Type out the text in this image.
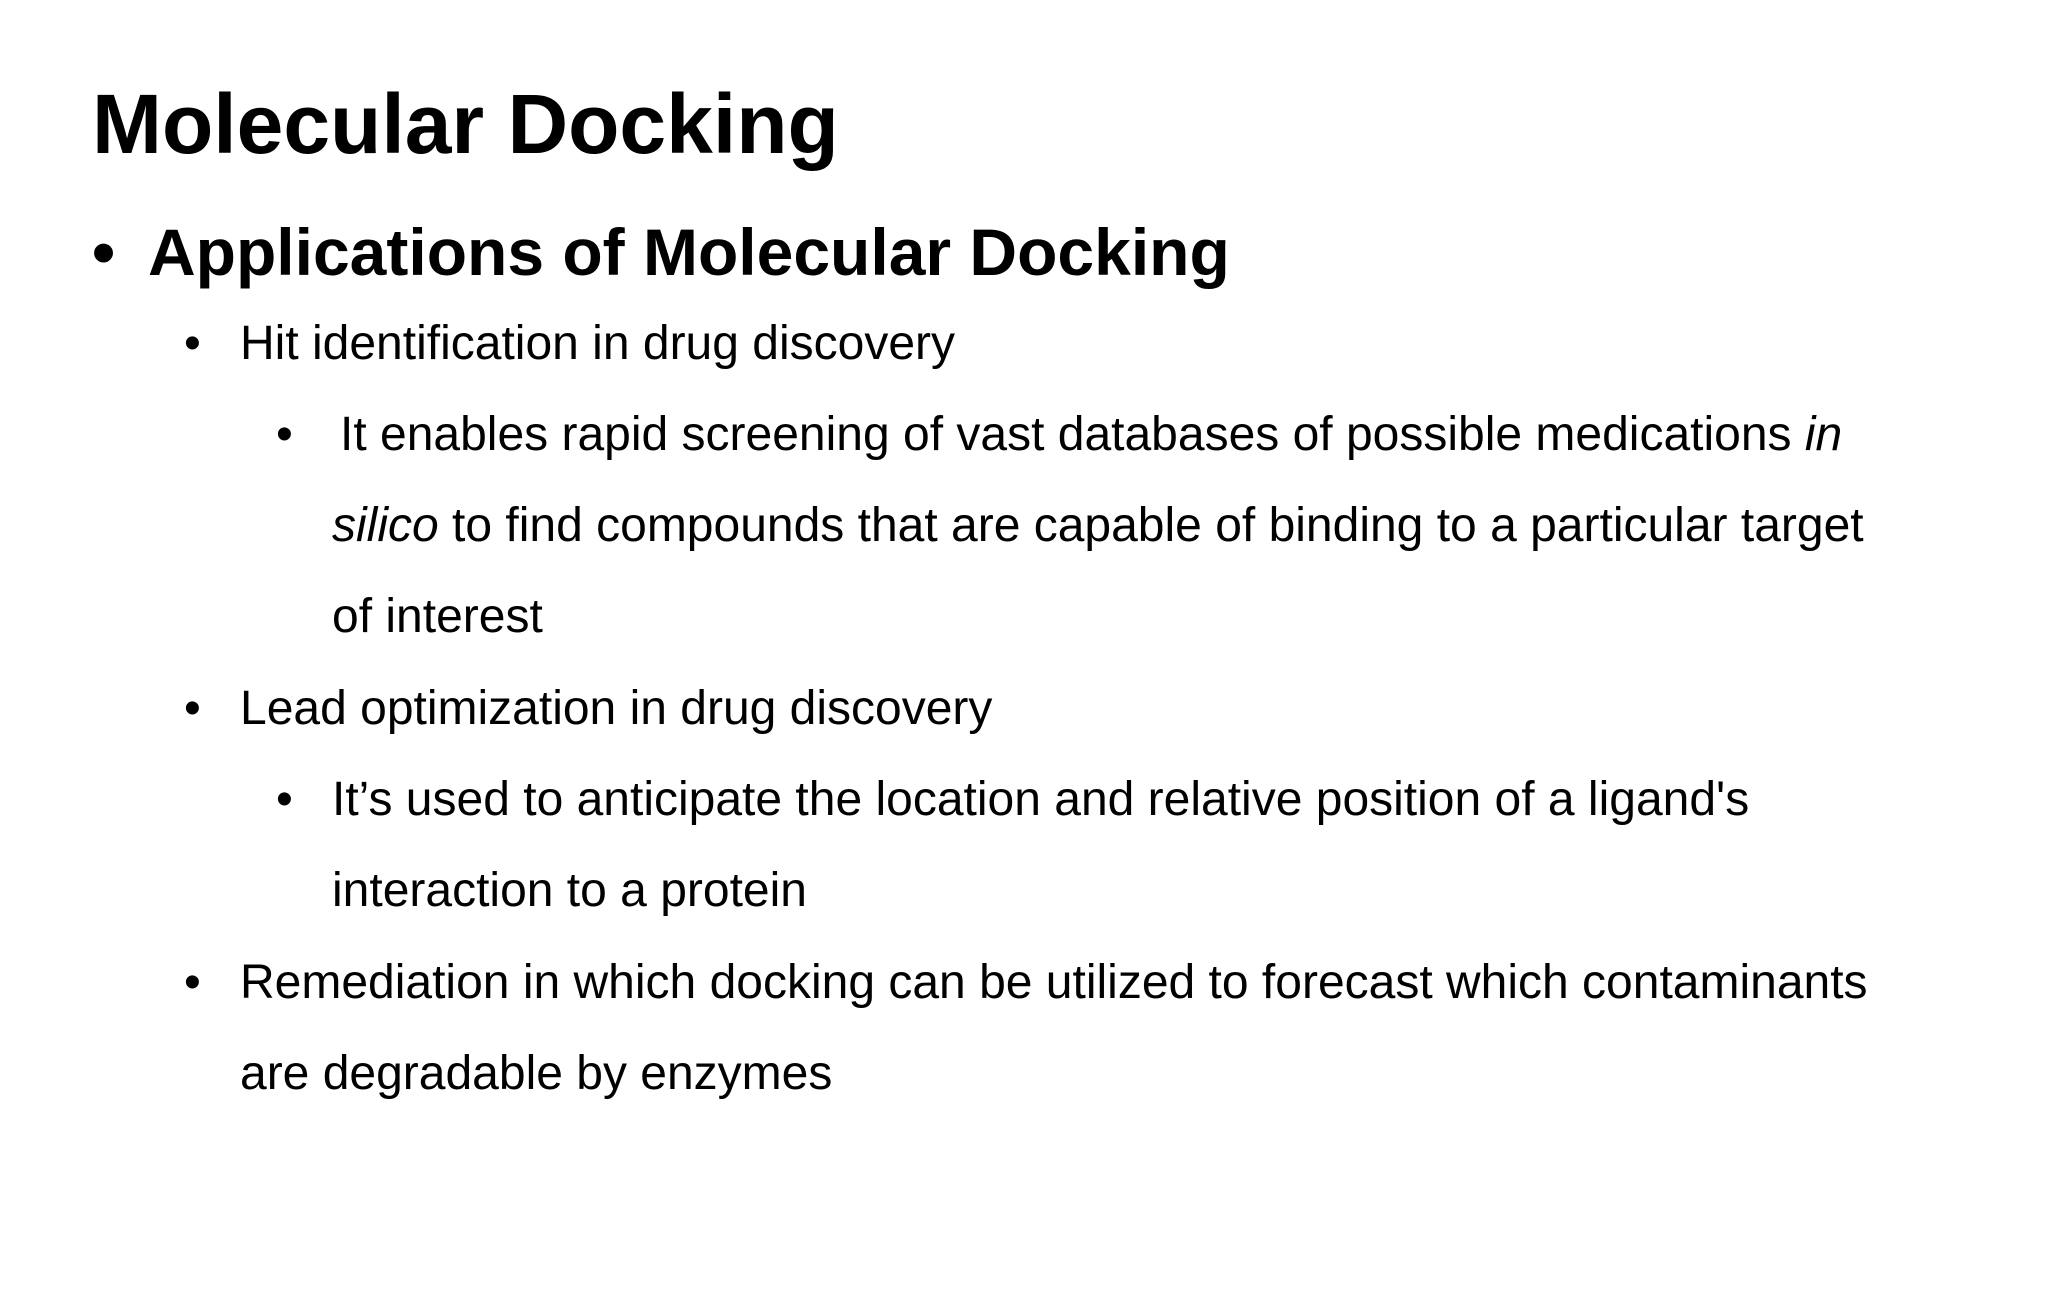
Molecular Docking
• Applications of Molecular Docking
• Hit identification in drug discovery
• It enables rapid screening of vast databases of possible medications in
silico to find compounds that are capable of binding to a particular target
of interest
• Lead optimization in drug discovery
• It’s used to anticipate the location and relative position of a ligand's
interaction to a protein
• Remediation in which docking can be utilized to forecast which contaminants
are degradable by enzymes
